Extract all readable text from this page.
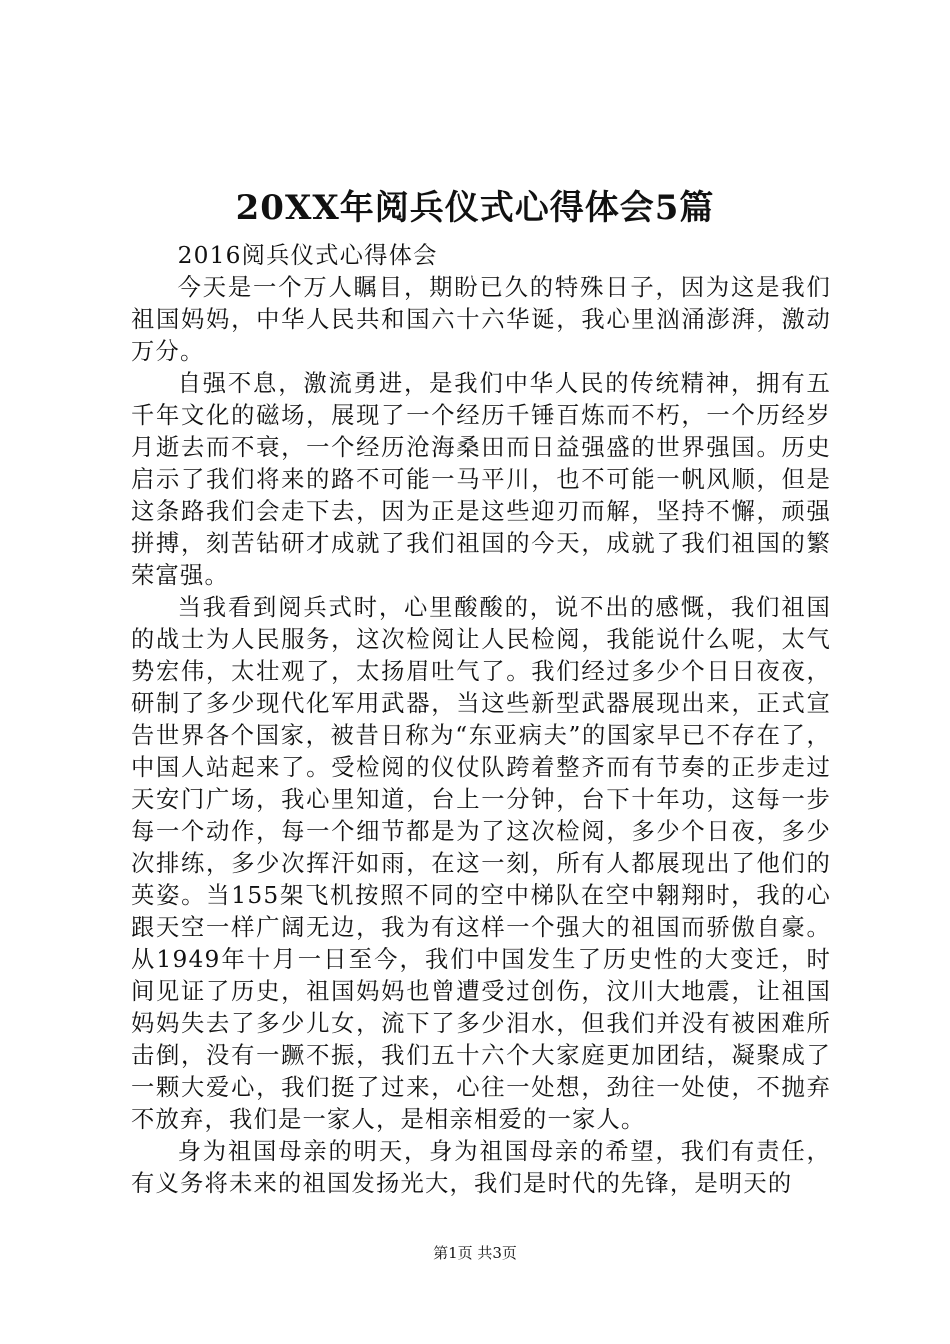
20XX年阅兵仪式心得体会5篇

2016阅兵仪式心得体会

今天是一个万人瞩目，期盼已久的特殊日子，因为这是我们祖国妈妈，中华人民共和国六十六华诞，我心里汹涌澎湃，激动万分。

自强不息，激流勇进，是我们中华人民的传统精神，拥有五千年文化的磁场，展现了一个经历千锤百炼而不朽，一个历经岁月逝去而不衰，一个经历沧海桑田而日益强盛的世界强国。历史启示了我们将来的路不可能一马平川，也不可能一帆风顺，但是这条路我们会走下去，因为正是这些迎刃而解，坚持不懈，顽强拼搏，刻苦钻研才成就了我们祖国的今天，成就了我们祖国的繁荣富强。

当我看到阅兵式时，心里酸酸的，说不出的感慨，我们祖国的战士为人民服务，这次检阅让人民检阅，我能说什么呢，太气势宏伟，太壮观了，太扬眉吐气了。我们经过多少个日日夜夜，研制了多少现代化军用武器，当这些新型武器展现出来，正式宣告世界各个国家，被昔日称为“东亚病夫”的国家早已不存在了，中国人站起来了。受检阅的仪仗队跨着整齐而有节奏的正步走过天安门广场，我心里知道，台上一分钟，台下十年功，这每一步每一个动作，每一个细节都是为了这次检阅，多少个日夜，多少次排练，多少次挥汗如雨，在这一刻，所有人都展现出了他们的英姿。当155架飞机按照不同的空中梯队在空中翱翔时，我的心跟天空一样广阔无边，我为有这样一个强大的祖国而骄傲自豪。从1949年十月一日至今，我们中国发生了历史性的大变迁，时间见证了历史，祖国妈妈也曾遭受过创伤，汶川大地震，让祖国妈妈失去了多少儿女，流下了多少泪水，但我们并没有被困难所击倒，没有一蹶不振，我们五十六个大家庭更加团结，凝聚成了一颗大爱心，我们挺了过来，心往一处想，劲往一处使，不抛弃不放弃，我们是一家人，是相亲相爱的一家人。

身为祖国母亲的明天，身为祖国母亲的希望，我们有责任，有义务将未来的祖国发扬光大，我们是时代的先锋，是明天的

第1页 共3页
